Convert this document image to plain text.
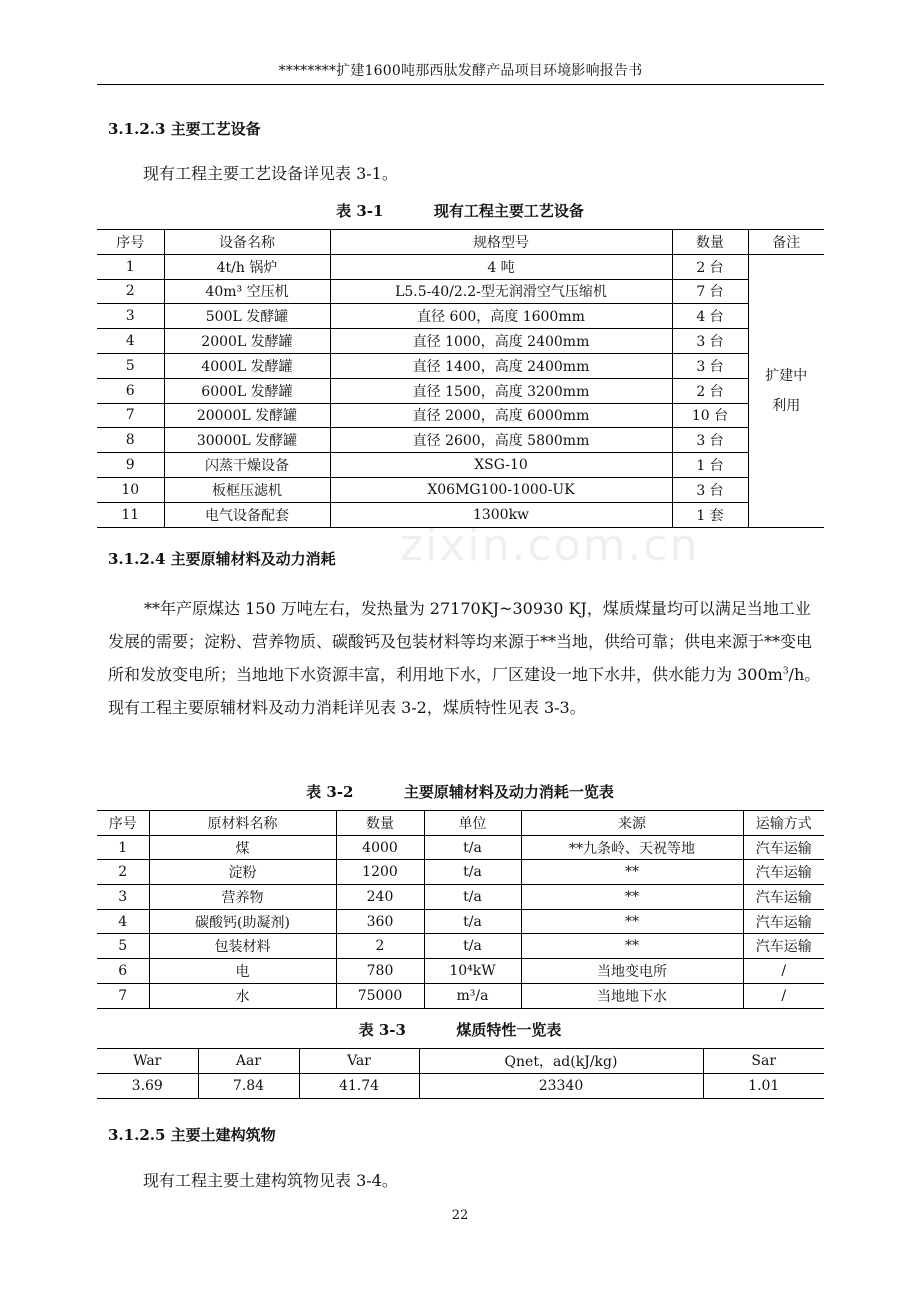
********扩建1600吨那西肽发酵产品项目环境影响报告书
zixin.com.cn
3.1.2.3 主要工艺设备
现有工程主要工艺设备详见表 3-1。
表 3-1	现有工程主要工艺设备
序号	设备名称	规格型号	数量	备注
1	4t/h 锅炉	4 吨	2 台	扩建中
利用

2	40m³ 空压机	L5.5-40/2.2-型无润滑空气压缩机	7 台	
3	500L 发酵罐	直径 600，高度 1600mm	4 台	
4	2000L 发酵罐	直径 1000，高度 2400mm	3 台	
5	4000L 发酵罐	直径 1400，高度 2400mm	3 台	
6	6000L 发酵罐	直径 1500，高度 3200mm	2 台	
7	20000L 发酵罐	直径 2000，高度 6000mm	10 台	
8	30000L 发酵罐	直径 2600，高度 5800mm	3 台	
9	闪蒸干燥设备	XSG-10	1 台	
10	板框压滤机	X06MG100-1000-UK	3 台	
11	电气设备配套	1300kw	1 套	
3.1.2.4 主要原辅材料及动力消耗
**年产原煤达 150 万吨左右，发热量为 27170KJ~30930 KJ，煤质煤量均可以满足当地工业发展的需要；淀粉、营养物质、碳酸钙及包装材料等均来源于**当地，供给可靠；供电来源于**变电所和发放变电所；当地地下水资源丰富，利用地下水，厂区建设一地下水井，供水能力为 $300m^3/h$。现有工程主要原辅材料及动力消耗详见表 3-2，煤质特性见表 3-3。
表 3-2	主要原辅材料及动力消耗一览表
序号	原材料名称	数量	单位	来源	运输方式
1	煤	4000	t/a	**九条岭、天祝等地	汽车运输
2	淀粉	1200	t/a	**	汽车运输
3	营养物	240	t/a	**	汽车运输
4	碳酸钙(助凝剂)	360	t/a	**	汽车运输
5	包装材料	2	t/a	**	汽车运输
6	电	780	10⁴kW	当地变电所	/
7	水	75000	m³/a	当地地下水	/
表 3-3	煤质特性一览表
War	Aar	Var	Qnet，ad(kJ/kg)	Sar
3.69	7.84	41.74	23340	1.01
3.1.2.5 主要土建构筑物
现有工程主要土建构筑物见表 3-4。
22
